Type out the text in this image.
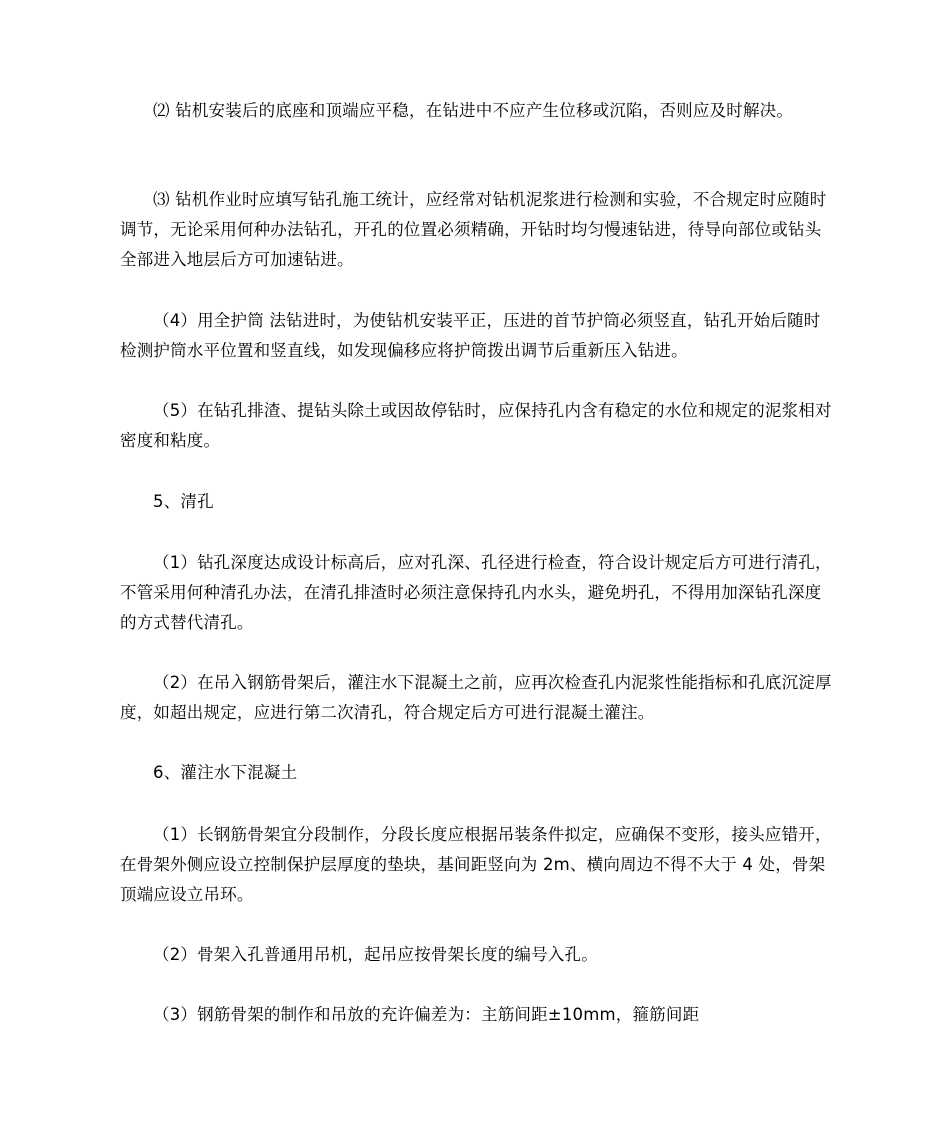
⑵ 钻机安装后的底座和顶端应平稳，在钻进中不应产生位移或沉陷，否则应及时解决。

⑶ 钻机作业时应填写钻孔施工统计，应经常对钻机泥浆进行检测和实验，不合规定时应随时调节，无论采用何种办法钻孔，开孔的位置必须精确，开钻时均匀慢速钻进，待导向部位或钻头全部进入地层后方可加速钻进。

（4）用全护筒 法钻进时，为使钻机安装平正，压进的首节护筒必须竖直，钻孔开始后随时检测护筒水平位置和竖直线，如发现偏移应将护筒拨出调节后重新压入钻进。

（5）在钻孔排渣、提钻头除土或因故停钻时，应保持孔内含有稳定的水位和规定的泥浆相对密度和粘度。

5、清孔

（1）钻孔深度达成设计标高后，应对孔深、孔径进行检查，符合设计规定后方可进行清孔，不管采用何种清孔办法，在清孔排渣时必须注意保持孔内水头，避免坍孔，不得用加深钻孔深度的方式替代清孔。

（2）在吊入钢筋骨架后，灌注水下混凝土之前，应再次检查孔内泥浆性能指标和孔底沉淀厚度，如超出规定，应进行第二次清孔，符合规定后方可进行混凝土灌注。

6、灌注水下混凝土

（1）长钢筋骨架宜分段制作，分段长度应根据吊装条件拟定，应确保不变形，接头应错开，在骨架外侧应设立控制保护层厚度的垫块，基间距竖向为 2m、横向周边不得不大于 4 处，骨架顶端应设立吊环。

（2）骨架入孔普通用吊机，起吊应按骨架长度的编号入孔。

（3）钢筋骨架的制作和吊放的充许偏差为：主筋间距±10mm，箍筋间距
